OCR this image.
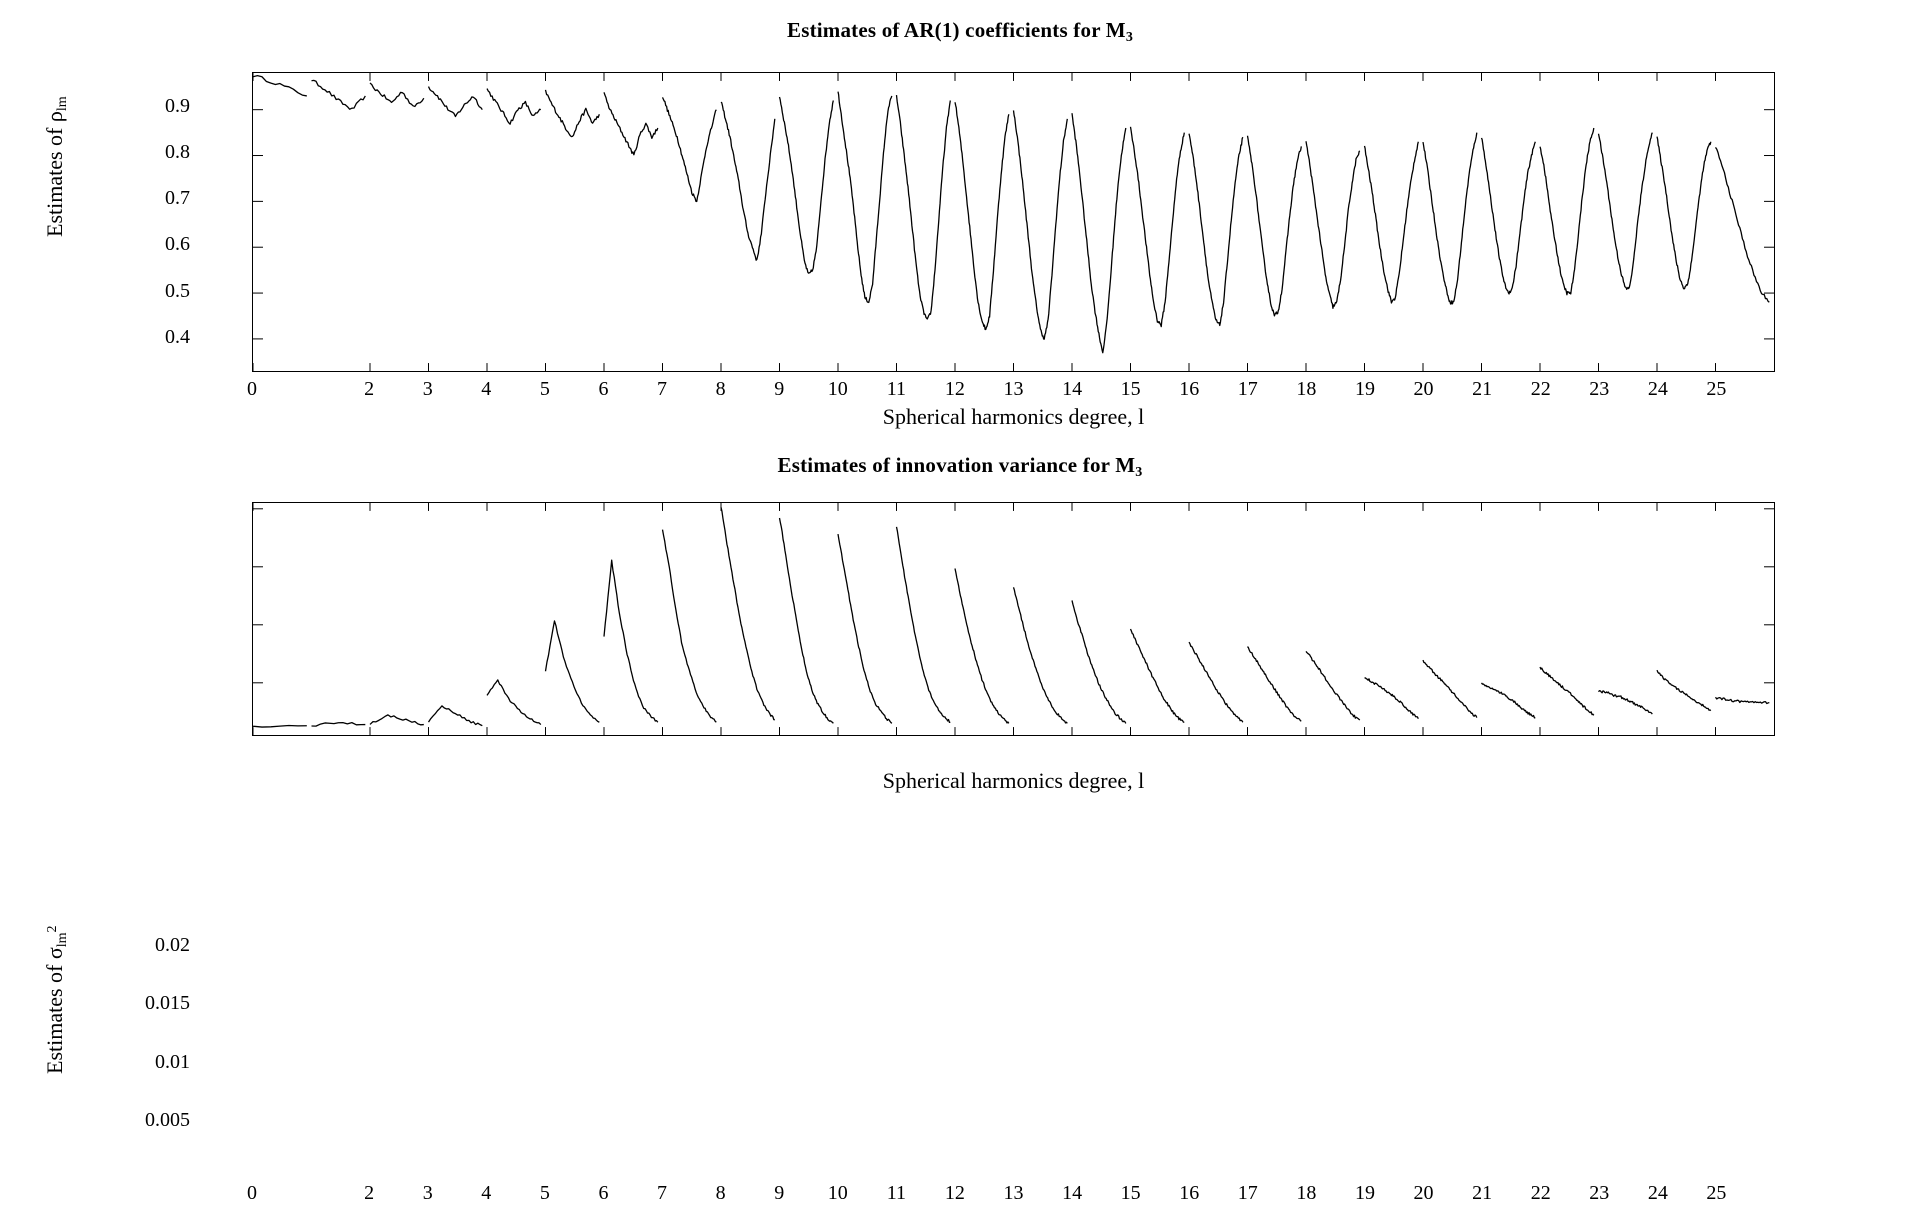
Estimates of AR(1) coefficients for $M_3$
Estimates of $\rho_{lm}$	0.9
0.8
0.7
0.6
0.5
0.4
0	2	3	4	5	6	7	8	9	10	11	12	13	14	15	16	17	18	19	20	21	22	23	24	25
Spherical harmonics degree, l
Estimates of innovation variance for $M_3$
Estimates of $\sigma_{lm}^2$
0.02
0.015
0.01
0.005
0	2	3	4	5	6	7	8	9	10	11	12	13	14	15	16	17	18	19	20	21	22	23	24	25
Spherical harmonics degree, l
